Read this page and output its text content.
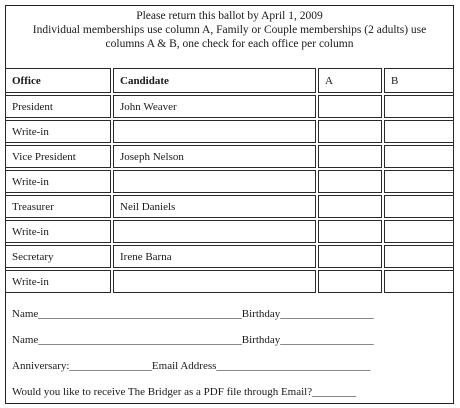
Please return this ballot by April 1, 2009
Individual memberships use column A, Family or Couple memberships (2 adults) use
columns A & B, one check for each office per column
Office	Candidate	A	B
President	John Weaver
Write-in
Vice President	Joseph Nelson
Write-in
Treasurer	Neil Daniels
Write-in
Secretary	Irene Barna
Write-in
Name_____________________________________Birthday_________________
Name_____________________________________Birthday_________________
Anniversary:_______________Email Address____________________________
Would you like to receive The Bridger as a PDF file through Email?________
